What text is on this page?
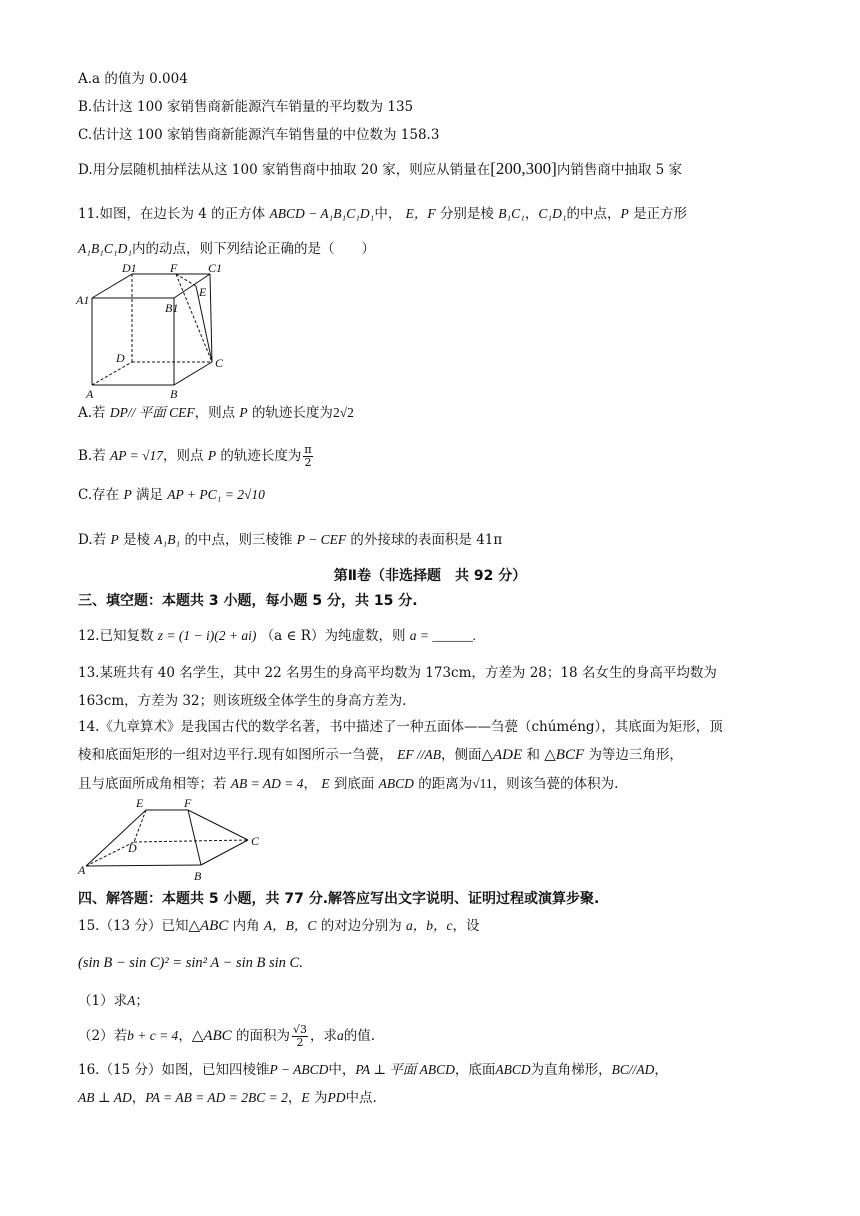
A.a 的值为 0.004
B.估计这 100 家销售商新能源汽车销量的平均数为 135
C.估计这 100 家销售商新能源汽车销售量的中位数为 158.3
D.用分层随机抽样法从这 100 家销售商中抽取 20 家，则应从销量在[200,300]内销售商中抽取 5 家
11.如图，在边长为 4 的正方体 ABCD − A₁B₁C₁D₁中， E，F 分别是棱 B₁C₁，C₁D₁的中点，P 是正方形
A₁B₁C₁D₁内的动点，则下列结论正确的是（　　）
D1	F	C1
A1
E
B1
D	C
A	B
A.若 DP// 平面 CEF，则点 P 的轨迹长度为2√2
B.若 AP = √17，则点 P 的轨迹长度为 $\frac{\pi}{2}$
C.存在 P 满足 AP + PC₁ = 2√10
D.若 P 是棱 A₁B₁ 的中点，则三棱锥 P − CEF 的外接球的表面积是 41π
第Ⅱ卷（非选择题　共 92 分）
三、填空题：本题共 3 小题，每小题 5 分，共 15 分.
12.已知复数 z = (1 − i)(2 + ai) （a ∈ R）为纯虚数，则 a = ______.
13.某班共有 40 名学生，其中 22 名男生的身高平均数为 173cm，方差为 28；18 名女生的身高平均数为
163cm，方差为 32；则该班级全体学生的身高方差为.
14.《九章算术》是我国古代的数学名著，书中描述了一种五面体——刍甍（chúméng），其底面为矩形，顶
棱和底面矩形的一组对边平行.现有如图所示一刍甍， EF //AB，侧面△ADE 和 △BCF 为等边三角形，
且与底面所成角相等；若 AB = AD = 4， E 到底面 ABCD 的距离为√11，则该刍甍的体积为.
E	F
D	C
A	B
四、解答题：本题共 5 小题，共 77 分.解答应写出文字说明、证明过程或演算步聚.
15.（13 分）已知△ABC 内角 A，B，C 的对边分别为 a，b，c，设
(sin B − sin C)² = sin² A − sin B sin C.
（1）求A；
（2）若b + c = 4，△ABC 的面积为 $\frac{√3}{2}$ ，求a的值.
16.（15 分）如图，已知四棱锥P − ABCD中，PA ⊥ 平面 ABCD，底面ABCD为直角梯形，BC//AD，
AB ⊥ AD，PA = AB = AD = 2BC = 2，E 为PD中点.
